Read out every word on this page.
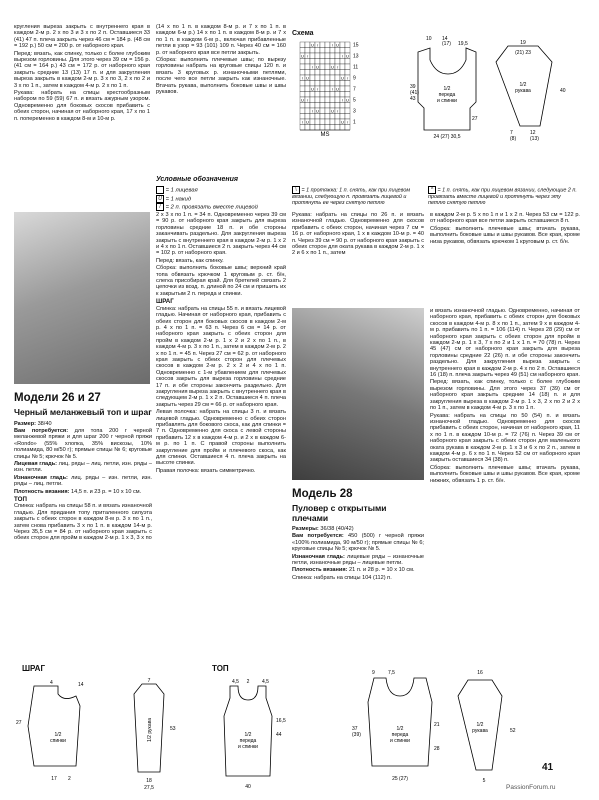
кругления выреза закрыть с внутреннего края в каждом 2-м р. 2 х по 3 и 3 х по 2 п. Оставшиеся 33 (41) 47 п. плеча закрыть через 46 см = 184 р. (48 см = 192 р.) 50 см = 200 р. от наборного края.

Перед: вязать, как спинку, только с более глубоким вырезом горловины. Для этого через 39 см = 156 р. (41 см = 164 р.) 43 см = 172 р. от наборного края закрыть средние 13 (13) 17 п. и для закругления выреза закрыть в каждом 2-м р. 3 х по 3, 2 х по 2 и 3 х по 1 п., затем в каждом 4-м р. 2 х по 1 п.

Рукава: набрать на спицы крестообразным набором по 59 (59) 67 п. и вязать ажурным узором. Одновременно для боковых скосов прибавить с обеих сторон, начиная от наборного края, 17 х по 1 п. попеременно в каждом 8-м и 10-м р.

(14 х по 1 п. в каждом 8-м р. и 7 х по 1 п. в каждом 6-м р.) 14 х по 1 п. в каждом 8-м р. и 7 х по 1 п. в каждом 6-м р., включая прибавленные петли в узор = 93 (101) 109 п. Через 40 см = 160 р. от наборного края все петли закрыть.

Сборка: выполнить плечевые швы; по вырезу горловины набрать на круговые спицы 120 п. и вязать 3 круговых р. изнаночными петлями, после чего все петли закрыть как изнаночные. Втачать рукава, выполнить боковые швы и швы рукавов.

Условные обозначения
= 1 лицевая
U = 1 накид
/ = 2 п. провязать вместе лицевой
\ = 1 протяжка: 1 п. снять, как при лицевом вязании, следующую п. провязать лицевой и протянуть ее через снятую петлю
^ = 1 п. снять, как при лицевом вязании, следующие 2 п. провязать вместе лицевой и протянуть через эту петлю снятую петлю
Схема
U /	\ U
U /	\ U
\ U	U /
\ U	U /
U /	\ U
U /	\ U
\ U	U /
\ U	U /
15
13
11
9
7
5
3
1
MS
10 14
(17) 19,5
39
(41)
43
1/2
переда
и спинки
27
24 (27) 30,5
19
(21) 23
1/2
рукава	40
7	12
(8)	(13)
Модели 26 и 27
Черный меланжевый топ и шраг

Размер: 38/40

Вам потребуется: для топа 200 г черной меланжевой пряжи и для шраг 200 г черной пряжи «Rondo» (55% хлопка, 35% вискозы, 10% полиамида, 80 м/50 г); прямые спицы № 6; круговые спицы № 5; крючок № 5.

Лицевая гладь: лиц. ряды – лиц. петли, изн. ряды – изн. петли.

Изнаночная гладь: лиц. ряды – изн. петли, изн. ряды – лиц. петли.

Плотность вязания: 14,5 п. и 23 р. = 10 х 10 см.

ТОП

Спинка: набрать на спицы 58 п. и вязать изнаночной гладью. Для придания топу приталенного силуэта закрыть с обеих сторон в каждом 8-м р. 3 х по 1 п., затем снова прибавить 3 х по 1 п. в каждом 14-м р. Через 35,5 см = 84 р. от наборного края закрыть с обеих сторон для пройм в каждом 2-м р. 1 х 3, 3 х по

2 х 3 х по 1 п. = 34 п. Одновременно через 39 см = 90 р. от наборного края закрыть для выреза горловины средние 18 п. и обе стороны заканчивать раздельно. Для закругления выреза закрыть с внутреннего края в каждом 2-м р. 1 х 2 и 4 х по 1 п. Оставшиеся 2 п. закрыть через 44 см = 102 р. от наборного края.

Перед: вязать, как спинку.

Сборка: выполнить боковые швы; верхний край топа обвязать крючком 1 круговым р. ст. б/н, слегка присобирая край. Для бретелей связать 2 цепочки из возд. п. длиной по 24 см и пришить их к закрытым 2 п. переда и спинки.

ШРАГ

Спинка: набрать на спицы 55 п. и вязать лицевой гладью. Начиная от наборного края, прибавить с обеих сторон для боковых скосов в каждом 2-м р. 4 х по 1 п. = 63 п. Через 6 см = 14 р. от наборного края закрыть с обеих сторон для пройм в каждом 2-м р. 1 х 2 и 2 х по 1 п., в каждом 4-м р. 3 х по 1 п., затем в каждом 2-м р. 2 х по 1 п. = 45 п. Через 27 см = 62 р. от наборного края закрыть с обеих сторон для плечевых скосов в каждом 2-м р. 2 х 2 и 4 х по 1 п. Одновременно с 1-м убавлением для плечевых скосов закрыть для выреза горловины средние 17 п. и обе стороны закончить раздельно. Для закругления выреза закрыть с внутреннего края в следующем 2-м р. 1 х 2 п. Оставшиеся 4 п. плеча закрыть через 29 см = 66 р. от наборного края.

Левая полочка: набрать на спицы 3 п. и вязать лицевой гладью. Одновременно с обеих сторон прибавлять для бокового скоса, как для спинки = 7 п. Одновременно для скоса с левой стороны прибавить 12 х в каждом 4-м р. и 2 х в каждом 6-м р. по 1 п. С правой стороны выполнить закругление для пройм и плечевого скоса, как для спинки. Оставшиеся 4 п. плеча закрыть на высоте спинки.

Правая полочка: вязать симметрично.

Рукава: набрать на спицы по 26 п. и вязать изнаночной гладью. Одновременно для скосов прибавить с обеих сторон, начиная через 7 см = 16 р. от наборного края, 1 х в каждом 10-м р. = 40 п. Через 39 см = 90 р. от наборного края закрыть с обеих сторон для оката рукава в каждом 2-м р. 1 х 2 и 6 х по 1 п., затем

Модель 28
Пуловер с открытыми плечами

Размеры: 36/38 (40/42)

Вам потребуется: 450 (500) г черной пряжи «100% полиамида, 90 м/50 г); прямые спицы № 6; круговые спицы № 5; крючок № 5.

Изнаночная гладь: лицевые ряды – изнаночные петли, изнаночные ряды – лицевые петли.

Плотность вязания: 21 п. и 28 р. = 10 х 10 см.

Спинка: набрать на спицы 104 (112) п.

в каждом 2-м р. 5 х по 1 п и 1 х 2 п. Через 53 см = 122 р. от наборного края все петли закрыть оставшиеся 8 п.

Сборка: выполнить плечевые швы; втачать рукава, выполнить боковые швы и швы рукавов. Все края, кроме низа рукавов, обвязать крючком 1 круговым р. ст. б/н.

и вязать изнаночной гладью. Одновременно, начиная от наборного края, прибавить с обеих сторон для боковых скосов в каждом 4-м р. 8 х по 1 п., затем 9 х в каждом 4-м р. прибавить по 1 п. = 106 (114) п. Через 28 (29) см от наборного края закрыть с обеих сторон для пройм в каждом 2-м р. 1 х 3, 7 х по 2 и 1 х 1 п. = 70 (78) п. Через 45 (47) см от наборного края закрыть для выреза горловины средние 22 (26) п. и обе стороны закончить раздельно. Для закругления выреза закрыть с внутреннего края в каждом 2-м р. 4 х по 2 п. Оставшиеся 16 (18) п. плеча закрыть через 49 (51) см наборного края.

Перед: вязать, как спинку, только с более глубоким вырезом горловины. Для этого через 37 (39) см от наборного края закрыть средние 14 (18) п. и для закругления выреза в каждом 2-м р. 1 х 3, 2 х по 2 и 2 х по 1 п., затем в каждом 4-м р. 3 х по 1 п.

Рукава: набрать на спицы по 50 (54) п. и вязать изнаночной гладью. Одновременно для скосов прибавить с обеих сторон, начиная от наборного края, 11 х по 1 п. в каждом 10-м р. = 72 (76) п. Через 39 см от наборного края закрыть с обеих сторон для маленького оката рукава в каждом 2-м р. 1 х 3 и 6 х по 2 п., затем в каждом 4-м р. 6 х по 1 п. Через 52 см от наборного края закрыть оставшиеся 34 (38) п.

Сборка: выполнить плечевые швы; втачать рукава, выполнить боковые швы и швы рукавов. Все края, кроме нижних, обвязать 1 р. ст. б/н.

ШРАГ	ТОП
14
4
27
1/2
спинки
17 2
7
1/2 рукава	53
18
27,5
4,5 2	4,5
1/2
переда
и спинки
44
16,5
40
9	7,5
37
(39)
1/2
переда
и спинки
21
28
25 (27)
16
1/2
рукава	52
5
41
PassionForum.ru
